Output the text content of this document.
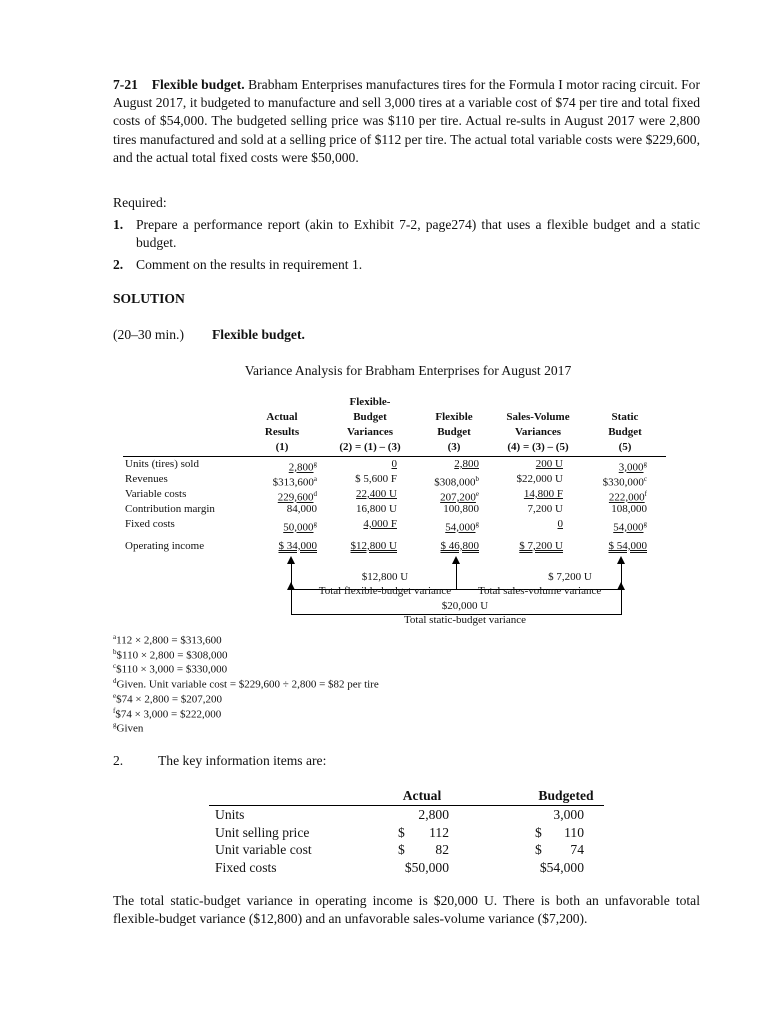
7-21 Flexible budget. Brabham Enterprises manufactures tires for the Formula I motor racing circuit. For August 2017, it budgeted to manufacture and sell 3,000 tires at a variable cost of $74 per tire and total fixed costs of $54,000. The budgeted selling price was $110 per tire. Actual re-sults in August 2017 were 2,800 tires manufactured and sold at a selling price of $112 per tire. The actual total variable costs were $229,600, and the actual total fixed costs were $50,000.
Required:
1. Prepare a performance report (akin to Exhibit 7-2, page274) that uses a flexible budget and a static budget.
2. Comment on the results in requirement 1.
SOLUTION
(20–30 min.) Flexible budget.
Variance Analysis for Brabham Enterprises for August 2017
Actual
Results
(1)
Flexible-
Budget
Variances
(2) = (1) – (3)
Flexible
Budget
(3)
Sales-Volume
Variances
(4) = (3) – (5)
Static
Budget
(5)
Units (tires) sold	2,800$^g$	0	2,800	200 U	3,000$^g$
Revenues	$313,600$^a$	$ 5,600 F	$308,000$^b$	$22,000 U	$330,000$^c$
Variable costs	229,600$^d$	22,400 U	207,200e	14,800 F	222,000$^f$
Contribution margin	84,000	16,800 U	100,800	7,200 U	108,000
Fixed costs	50,000$^g$	4,000 F	54,000$^g$	0	54,000$^g$
Operating income	$ 34,000	$12,800 U	$ 46,800	$ 7,200 U	$ 54,000
$12,800 U
Total flexible-budget variance
$ 7,200 U
Total sales-volume variance
$20,000 U
Total static-budget variance
$^a$112 × 2,800 = $313,600
$^b$\$110 × 2,800 = $308,000
$^c$\$110 × 3,000 = $330,000
$^d$Given. Unit variable cost = $229,600 ÷ 2,800 = $82 per tire
$^e$\$74 × 2,800 = $207,200
$^f$\$74 × 3,000 = $222,000
$^g$Given
2.	The key information items are:
Actual	Budgeted
Units	2,800	3,000
Unit selling price	$	112	$	110
Unit variable cost	$	82	$	74
Fixed costs	$50,000	$54,000
The total static-budget variance in operating income is $20,000 U. There is both an unfavorable total flexible-budget variance ($12,800) and an unfavorable sales-volume variance ($7,200).
